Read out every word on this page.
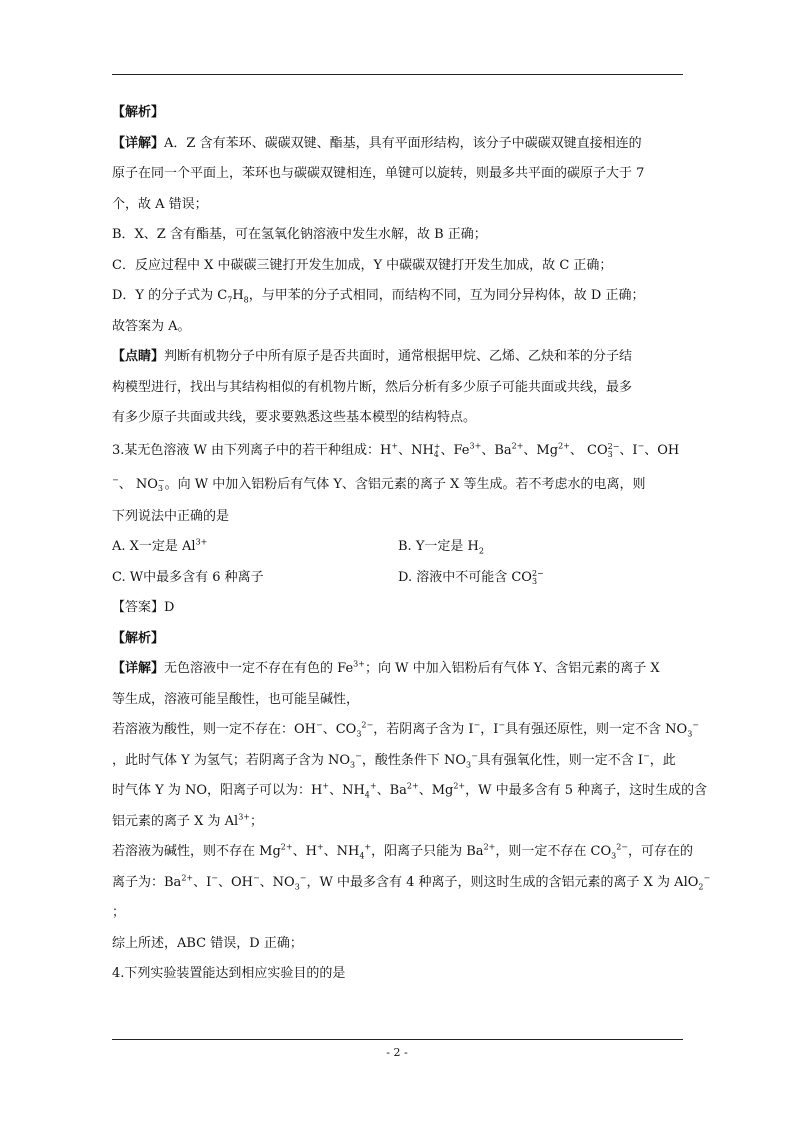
【解析】
【详解】A．Z 含有苯环、碳碳双键、酯基，具有平面形结构，该分子中碳碳双键直接相连的
原子在同一个平面上，苯环也与碳碳双键相连，单键可以旋转，则最多共平面的碳原子大于 7
个，故 A 错误；
B．X、Z 含有酯基，可在氢氧化钠溶液中发生水解，故 B 正确；
C．反应过程中 X 中碳碳三键打开发生加成，Y 中碳碳双键打开发生加成，故 C 正确；
D．Y 的分子式为 $C_7H_8$，与甲苯的分子式相同，而结构不同，互为同分异构体，故 D 正确；
故答案为 A。
【点睛】判断有机物分子中所有原子是否共面时，通常根据甲烷、乙烯、乙炔和苯的分子结
构模型进行，找出与其结构相似的有机物片断，然后分析有多少原子可能共面或共线，最多
有多少原子共面或共线，要求要熟悉这些基本模型的结构特点。
3.某无色溶液 W 由下列离子中的若干种组成：H+、NH +
4 、$Fe^{3+}$、$Ba^{2+}$、$Mg^{2+}$、 CO 2−
3 、I−、OH
−、 NO −
3 。向 W 中加入铝粉后有气体 Y、含铝元素的离子 X 等生成。若不考虑水的电离，则
下列说法中正确的是
A. X一定是 $Al^{3+}$	B. Y一定是 $H_2$
C. W中最多含有 6 种离子	D. 溶液中不可能含 CO 2−
3
【答案】D
【解析】
【详解】无色溶液中一定不存在有色的 $Fe^{3+}$；向 W 中加入铝粉后有气体 Y、含铝元素的离子 X
等生成，溶液可能呈酸性，也可能呈碱性，
若溶液为酸性，则一定不存在：OH−、$CO_3^{2-}$，若阴离子含为 I−，I−具有强还原性，则一定不含 $NO_3^-$
，此时气体 Y 为氢气；若阴离子含为 $NO_3^-$，酸性条件下 $NO_3^-$具有强氧化性，则一定不含 I−，此
时气体 Y 为 NO，阳离子可以为：H+、$NH_4^+$、$Ba^{2+}$、$Mg^{2+}$，W 中最多含有 5 种离子，这时生成的含
铝元素的离子 X 为 $Al^{3+}$；
若溶液为碱性，则不存在 $Mg^{2+}$、H+、$NH_4^+$，阳离子只能为 $Ba^{2+}$，则一定不存在 $CO_3^{2-}$，可存在的
离子为：$Ba^{2+}$、I−、OH−、$NO_3^-$，W 中最多含有 4 种离子，则这时生成的含铝元素的离子 X 为 AlO$_2$−
；
综上所述，ABC 错误，D 正确；
4.下列实验装置能达到相应实验目的的是
- 2 -
